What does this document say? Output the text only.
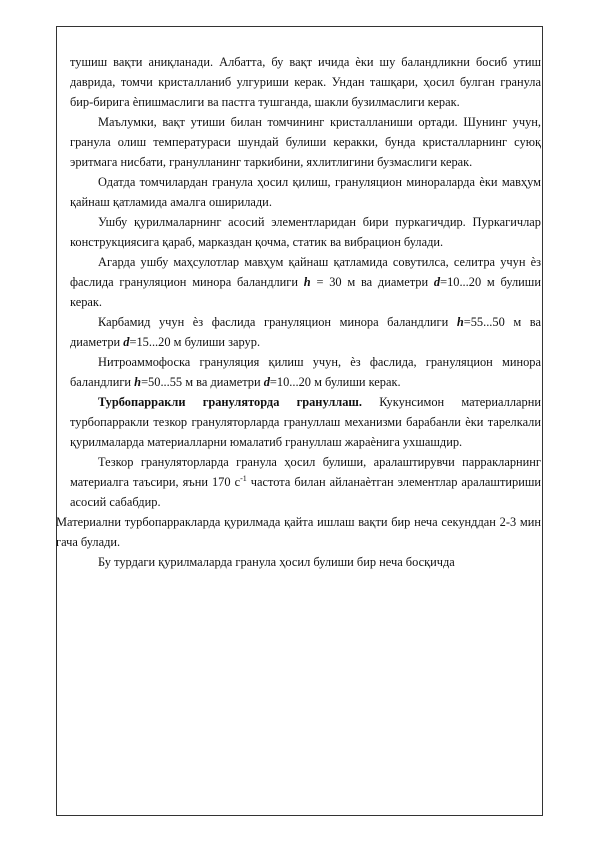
тушиш вақти аниқланади. Албатта, бу вақт ичида ѐки шу баландликни босиб утиш даврида, томчи кристалланиб улгуриши керак. Ундан ташқари, ҳосил булган гранула бир-бирига ѐпишмаслиги ва пастга тушганда, шакли бузилмаслиги керак.

Маълумки, вақт утиши билан томчининг кристалланиши ортади. Шунинг учун, гранула олиш температураси шундай булиши керакки, бунда кристалларнинг суюқ эритмага нисбати, гранулланинг таркибини, яхлитлигини бузмаслиги керак.

Одатда томчилардан гранула ҳосил қилиш, грануляцион минораларда ѐки мавҳум қайнаш қатламида амалга оширилади.

Ушбу қурилмаларнинг асосий элементларидан бири пуркагичдир. Пуркагичлар конструкциясига қараб, марказдан қочма, статик ва вибрацион булади.

Агарда ушбу маҳсулотлар мавҳум қайнаш қатламида совутилса, селитра учун ѐз фаслида грануляцион минора баландлиги h = 30 м ва диаметри d=10...20 м булиши керак.

Карбамид учун ѐз фаслида грануляцион минора баландлиги h=55...50 м ва диаметри d=15...20 м булиши зарур.

Нитроаммофоска грануляция қилиш учун, ѐз фаслида, грануляцион минора баландлиги h=50...55 м ва диаметри d=10...20 м булиши керак.

Турбопарракли грануляторда грануллаш. Кукунсимон материалларни турбопарракли тезкор грануляторларда грануллаш механизми барабанли ѐки тарелкали қурилмаларда материалларни юмалатиб грануллаш жараѐнига ухшашдир.

Тезкор грануляторларда гранула ҳосил булиши, аралаштирувчи парракларнинг материалга таъсири, яъни 170 $с^{-1}$ частота билан айланаѐтган элементлар аралаштириши асосий сабабдир.

Материални турбопарракларда қурилмада қайта ишлаш вақти бир неча секунддан 2-3 мин гача булади.

Бу турдаги қурилмаларда гранула ҳосил булиши бир неча босқичда
